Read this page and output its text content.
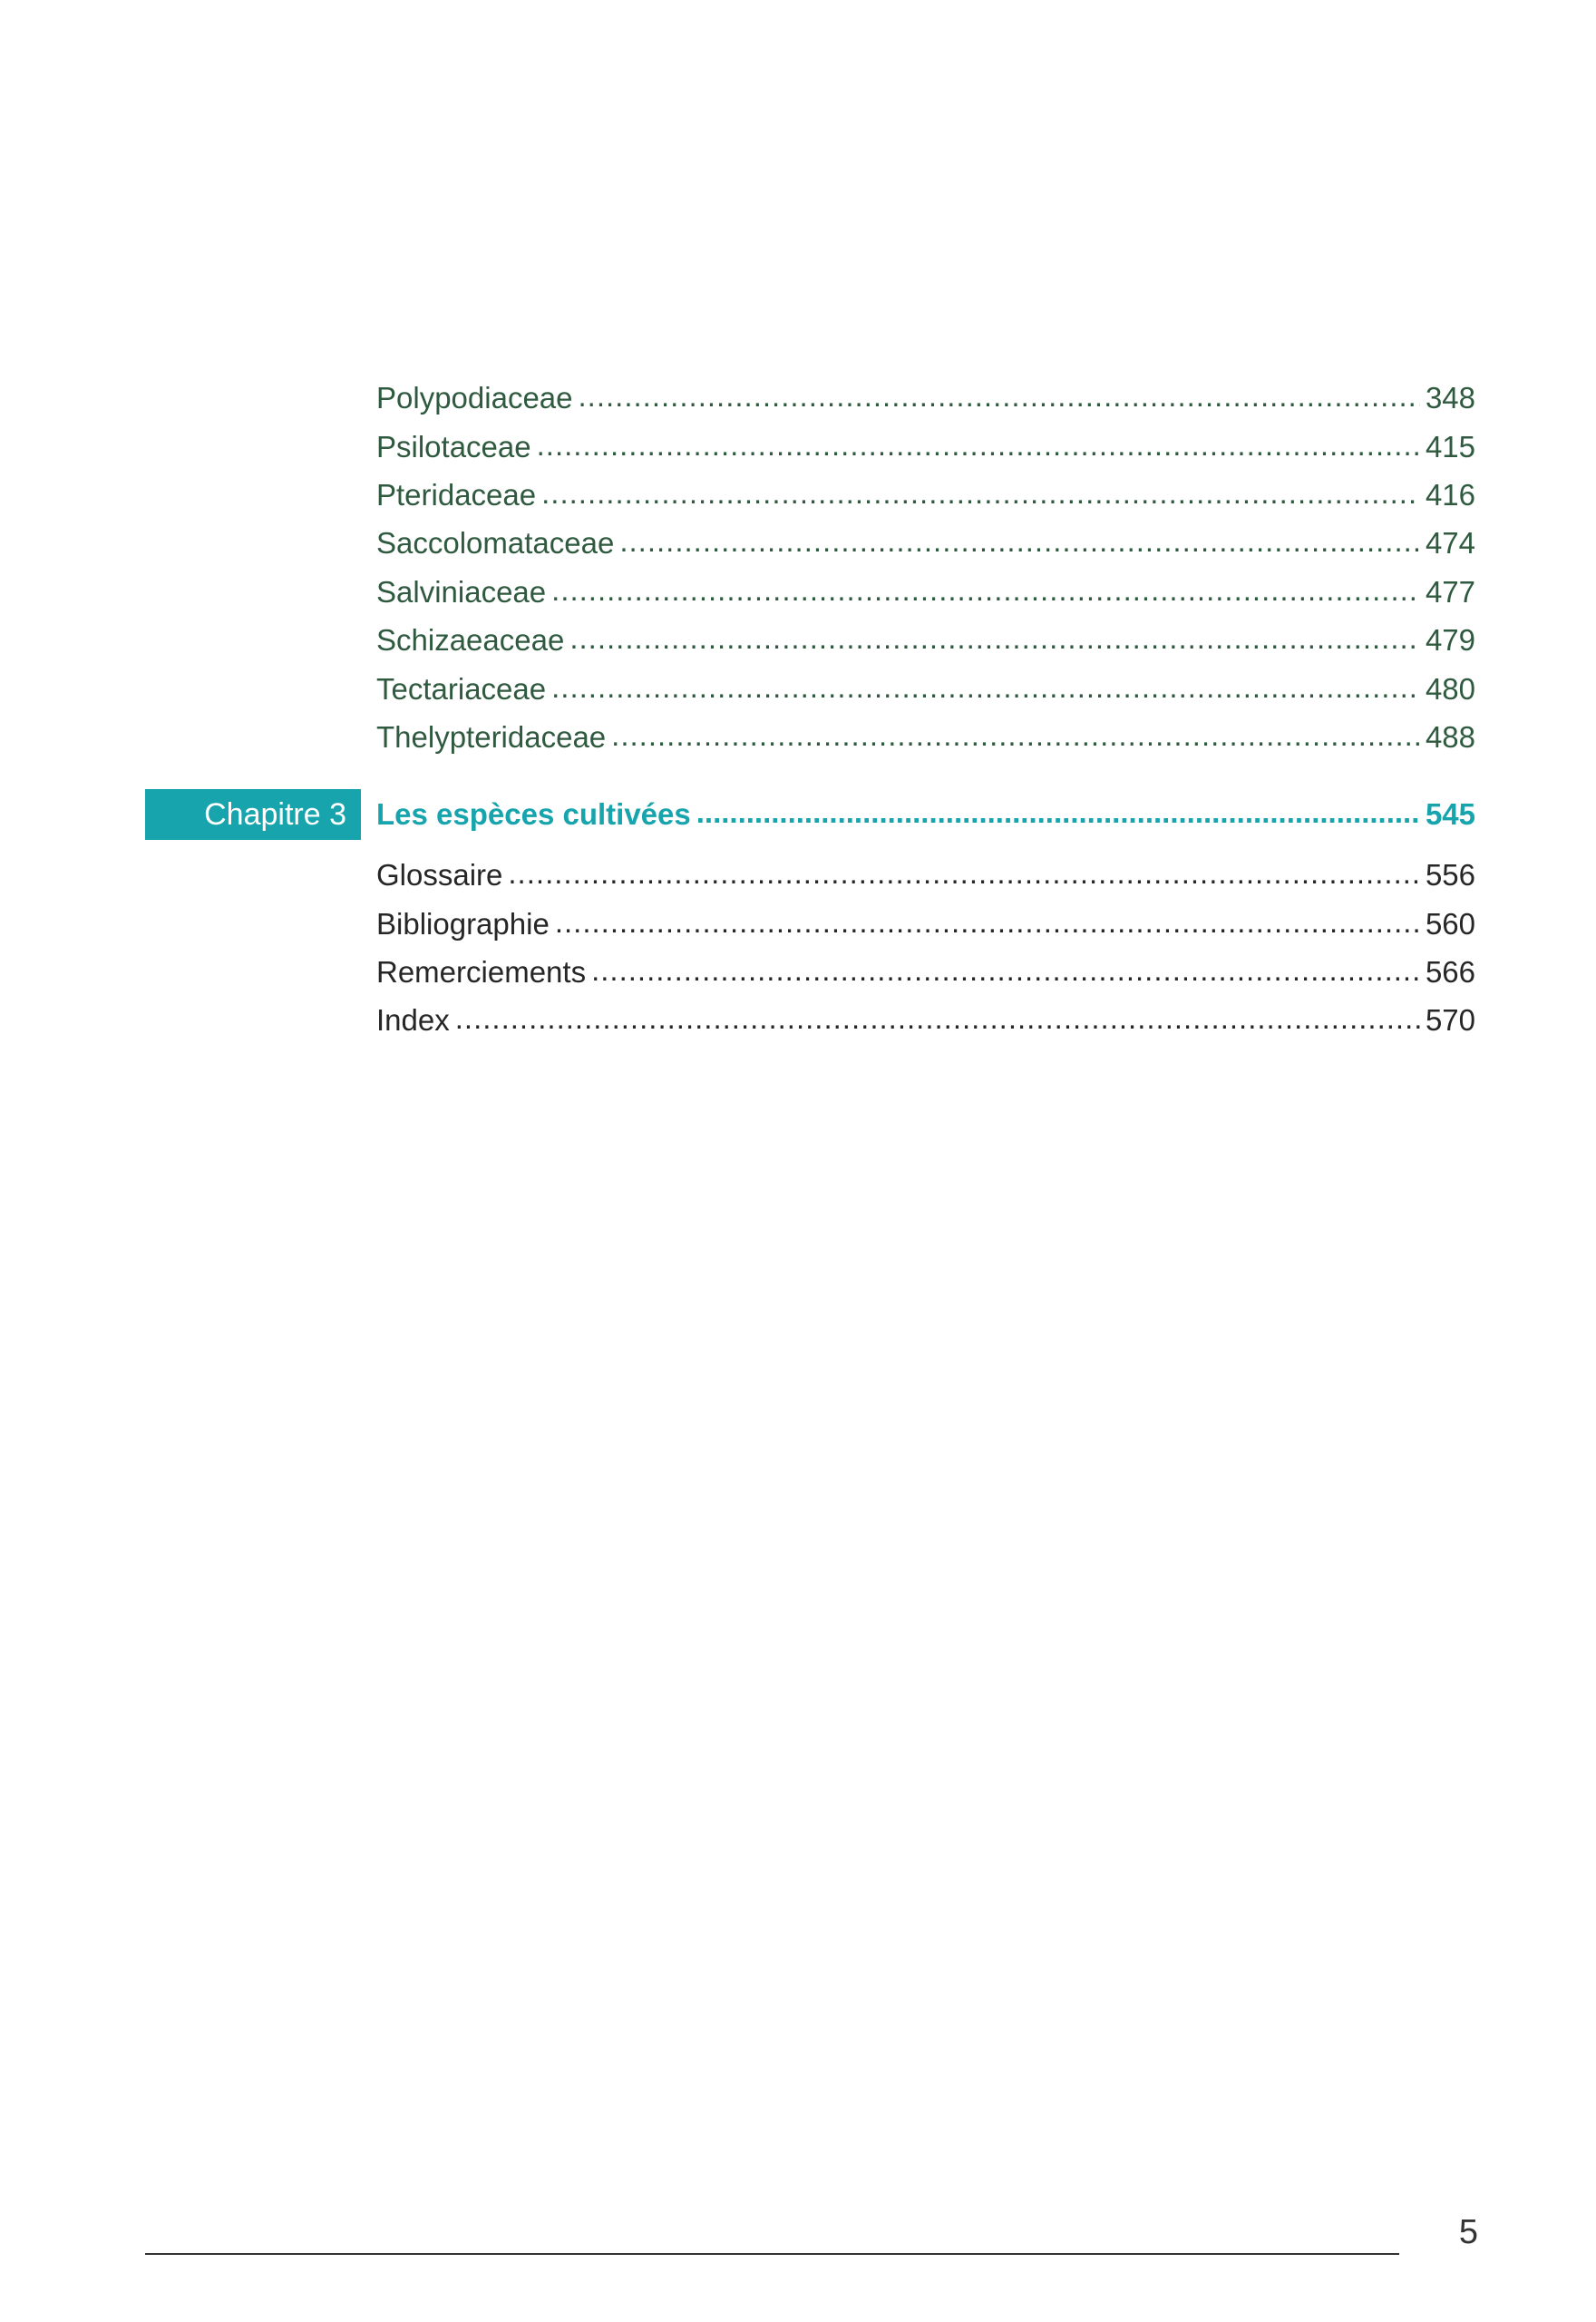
Polypodiaceae .....	348
Psilotaceae .....	415
Pteridaceae .....	416
Saccolomataceae .....	474
Salviniaceae .....	477
Schizaeaceae .....	479
Tectariaceae .....	480
Thelypteridaceae .....	488
Chapitre 3	Les espèces cultivées .....	545
Glossaire .....	556
Bibliographie .....	560
Remerciements .....	566
Index .....	570
5
